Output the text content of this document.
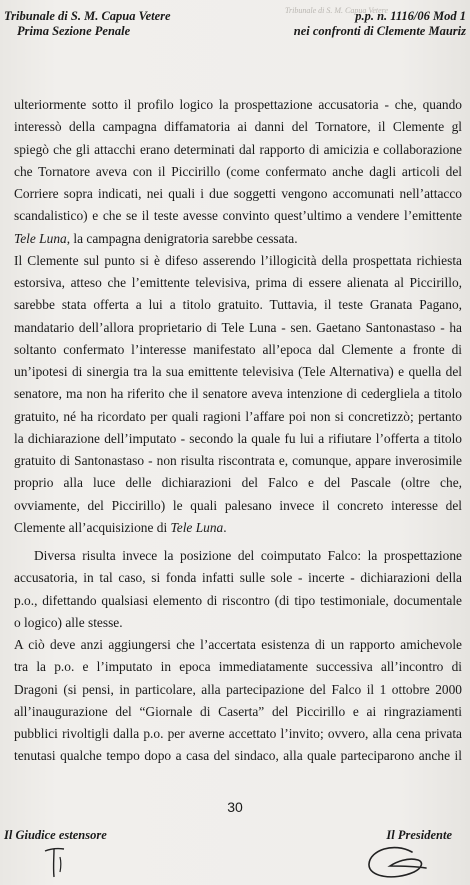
Tribunale di S. M. Capua Vetere
Tribunale di S. M. Capua Vetere
Prima Sezione Penale
p.p. n. 1116/06 Mod 1
nei confronti di Clemente Mauriz
ulteriormente sotto il profilo logico la prospettazione accusatoria - che, quando
interessò della campagna diffamatoria ai danni del Tornatore, il Clemente gl
spiegò che gli attacchi erano determinati dal rapporto di amicizia e collaborazione
che Tornatore aveva con il Piccirillo (come confermato anche dagli articoli del
Corriere sopra indicati, nei quali i due soggetti vengono accomunati nell’attacco
scandalistico) e che se il teste avesse convinto quest’ultimo a vendere l’emittente
Tele Luna, la campagna denigratoria sarebbe cessata.
Il Clemente sul punto si è difeso asserendo l’illogicità della prospettata richiesta
estorsiva, atteso che l’emittente televisiva, prima di essere alienata al Piccirillo,
sarebbe stata offerta a lui a titolo gratuito. Tuttavia, il teste Granata Pagano,
mandatario dell’allora proprietario di Tele Luna - sen. Gaetano Santonastaso - ha
soltanto confermato l’interesse manifestato all’epoca dal Clemente a fronte di
un’ipotesi di sinergia tra la sua emittente televisiva (Tele Alternativa) e quella del
senatore, ma non ha riferito che il senatore aveva intenzione di cedergliela a titolo
gratuito, né ha ricordato per quali ragioni l’affare poi non si concretizzò; pertanto
la dichiarazione dell’imputato - secondo la quale fu lui a rifiutare l’offerta a titolo
gratuito di Santonastaso - non risulta riscontrata e, comunque, appare inverosimile
proprio alla luce delle dichiarazioni del Falco e del Pascale (oltre che,
ovviamente, del Piccirillo) le quali palesano invece il concreto interesse del
Clemente all’acquisizione di Tele Luna.
Diversa risulta invece la posizione del coimputato Falco: la prospettazione
accusatoria, in tal caso, si fonda infatti sulle sole - incerte - dichiarazioni della
p.o., difettando qualsiasi elemento di riscontro (di tipo testimoniale, documentale
o logico) alle stesse.
A ciò deve anzi aggiungersi che l’accertata esistenza di un rapporto amichevole
tra la p.o. e l’imputato in epoca immediatamente successiva all’incontro di
Dragoni (si pensi, in particolare, alla partecipazione del Falco il 1 ottobre 2000
all’inaugurazione del “Giornale di Caserta” del Piccirillo e ai ringraziamenti
pubblici rivoltigli dalla p.o. per averne accettato l’invito; ovvero, alla cena privata
tenutasi qualche tempo dopo a casa del sindaco, alla quale parteciparono anche il
30
Il Giudice estensore	Il Presidente
